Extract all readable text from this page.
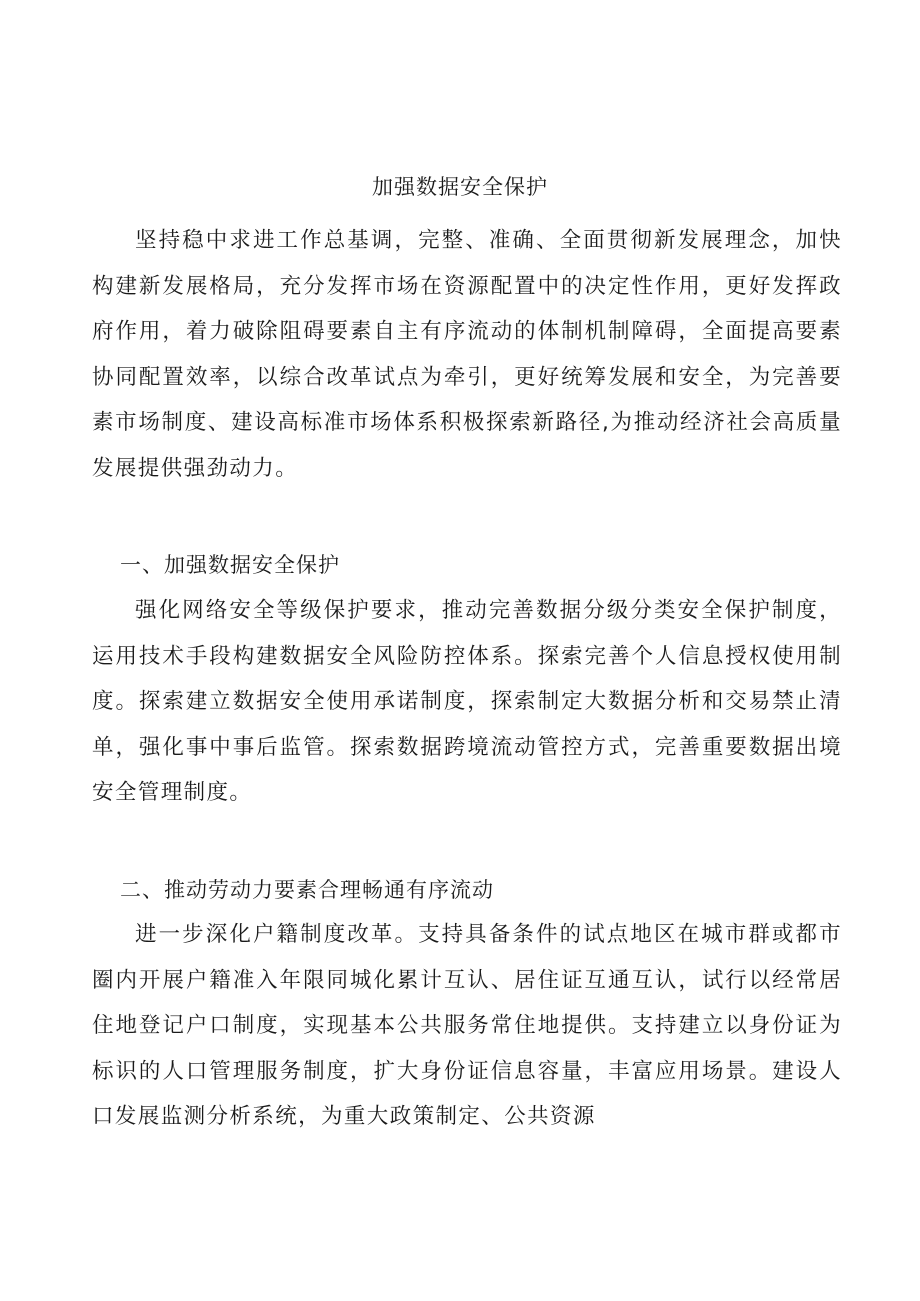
加强数据安全保护

坚持稳中求进工作总基调，完整、准确、全面贯彻新发展理念，加快构建新发展格局，充分发挥市场在资源配置中的决定性作用，更好发挥政府作用，着力破除阻碍要素自主有序流动的体制机制障碍，全面提高要素协同配置效率，以综合改革试点为牵引，更好统筹发展和安全，为完善要素市场制度、建设高标准市场体系积极探索新路径,为推动经济社会高质量发展提供强劲动力。

一、加强数据安全保护

强化网络安全等级保护要求，推动完善数据分级分类安全保护制度，运用技术手段构建数据安全风险防控体系。探索完善个人信息授权使用制度。探索建立数据安全使用承诺制度，探索制定大数据分析和交易禁止清单，强化事中事后监管。探索数据跨境流动管控方式，完善重要数据出境安全管理制度。

二、推动劳动力要素合理畅通有序流动

进一步深化户籍制度改革。支持具备条件的试点地区在城市群或都市圈内开展户籍准入年限同城化累计互认、居住证互通互认，试行以经常居住地登记户口制度，实现基本公共服务常住地提供。支持建立以身份证为标识的人口管理服务制度，扩大身份证信息容量，丰富应用场景。建设人口发展监测分析系统，为重大政策制定、公共资源
